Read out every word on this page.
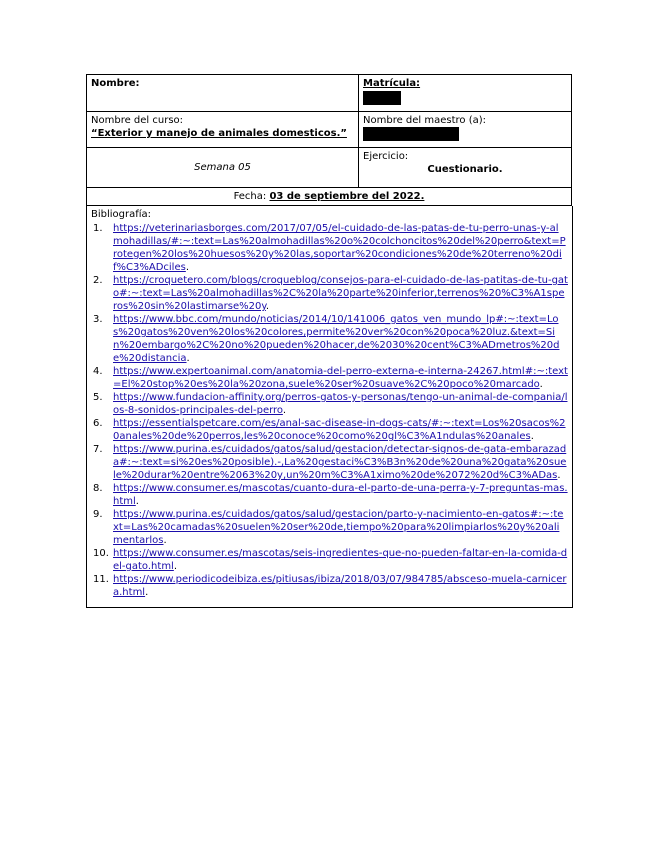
Nombre:	Matrícula:

Nombre del curso:
“Exterior y manejo de animales domesticos.”	Nombre del maestro (a):

Semana 05	Ejercicio:
Cuestionario.

Fecha: 03 de septiembre del 2022.	
Bibliografía:
1. https://veterinariasborges.com/2017/07/05/el-cuidado-de-las-patas-de-tu-perro-unas-y-almohadillas/#:~:text=Las%20almohadillas%20o%20colchoncitos%20del%20perro&text=Protegen%20los%20huesos%20y%20las,soportar%20condiciones%20de%20terreno%20dif%C3%ADciles.
2. https://croquetero.com/blogs/croqueblog/consejos-para-el-cuidado-de-las-patitas-de-tu-gato#:~:text=Las%20almohadillas%2C%20la%20parte%20inferior,terrenos%20%C3%A1speros%20sin%20lastimarse%20y.
3. https://www.bbc.com/mundo/noticias/2014/10/141006_gatos_ven_mundo_lp#:~:text=Los%20gatos%20ven%20los%20colores,permite%20ver%20con%20poca%20luz.&text=Sin%20embargo%2C%20no%20pueden%20hacer,de%2030%20cent%C3%ADmetros%20de%20distancia.
4. https://www.expertoanimal.com/anatomia-del-perro-externa-e-interna-24267.html#:~:text=El%20stop%20es%20la%20zona,suele%20ser%20suave%2C%20poco%20marcado.
5. https://www.fundacion-affinity.org/perros-gatos-y-personas/tengo-un-animal-de-compania/los-8-sonidos-principales-del-perro.
6. https://essentialspetcare.com/es/anal-sac-disease-in-dogs-cats/#:~:text=Los%20sacos%20anales%20de%20perros,les%20conoce%20como%20gl%C3%A1ndulas%20anales.
7. https://www.purina.es/cuidados/gatos/salud/gestacion/detectar-signos-de-gata-embarazada#:~:text=si%20es%20posible).-,La%20gestaci%C3%B3n%20de%20una%20gata%20suele%20durar%20entre%2063%20y,un%20m%C3%A1ximo%20de%2072%20d%C3%ADas.
8. https://www.consumer.es/mascotas/cuanto-dura-el-parto-de-una-perra-y-7-preguntas-mas.html.
9. https://www.purina.es/cuidados/gatos/salud/gestacion/parto-y-nacimiento-en-gatos#:~:text=Las%20camadas%20suelen%20ser%20de,tiempo%20para%20limpiarlos%20y%20alimentarlos.
10. https://www.consumer.es/mascotas/seis-ingredientes-que-no-pueden-faltar-en-la-comida-del-gato.html.
11. https://www.periodicodeibiza.es/pitiusas/ibiza/2018/03/07/984785/absceso-muela-carnicera.html.
